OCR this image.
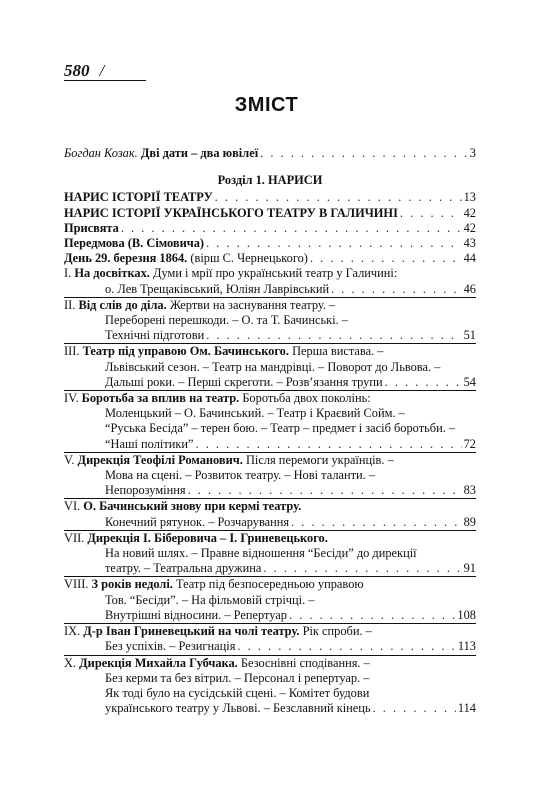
580 /
ЗМІСТ
Богдан Козак. Дві дати – два ювілеї . . .	3
Розділ 1. НАРИСИ
НАРИС ІСТОРІЇ ТЕАТРУ . . .	13
НАРИС ІСТОРІЇ УКРАЇНСЬКОГО ТЕАТРУ В ГАЛИЧИНІ . . .	42
Присвята . . .	42
Передмова (В. Сімовича) . . .	43
День 29. березня 1864. (вірш С. Чернецького) . . .	44
I. На досвітках. Думи і мрії про український театр у Галичині:
о. Лев Трещаківський, Юліян Лаврівський . . .	46
II. Від слів до діла. Жертви на заснування театру. –
Переборені перешкоди. – О. та Т. Бачинські. –
Технічні підготови . . .	51
III. Театр під управою Ом. Бачинського. Перша вистава. –
Львівський сезон. – Театр на мандрівці. – Поворот до Львова. –
Дальші роки. – Перші скреготи. – Розв’язання трупи . . .	54
IV. Боротьба за вплив на театр. Боротьба двох поколінь:
Моленцький – О. Бачинський. – Театр і Краєвий Сойм. –
“Руська Бесіда” – терен бою. – Театр – предмет і засіб боротьби. –
“Наші політики” . . .	72
V. Дирекція Теофілі Романович. Після перемоги українців. –
Мова на сцені. – Розвиток театру. – Нові таланти. –
Непорозуміння . . .	83
VI. О. Бачинський знову при кермі театру.
Конечний рятунок. – Розчарування . . .	89
VII. Дирекція І. Біберовича – І. Гриневецького.
На новий шлях. – Правне відношення “Бесіди” до дирекції
театру. – Театральна дружина . . .	91
VIII. З років недолі. Театр під безпосередньою управою
Тов. “Бесіди”. – На фільмовій стрічці. –
Внутрішні відносини. – Репертуар . . .	108
IX. Д-р Іван Гриневецький на чолі театру. Рік спроби. –
Без успіхів. – Резигнація . . .	113
X. Дирекція Михайла Губчака. Безоснівні сподівання. –
Без керми та без вітрил. – Персонал і репертуар. –
Як тоді було на сусідській сцені. – Комітет будови
українського театру у Львові. – Безславний кінець . . .	114
